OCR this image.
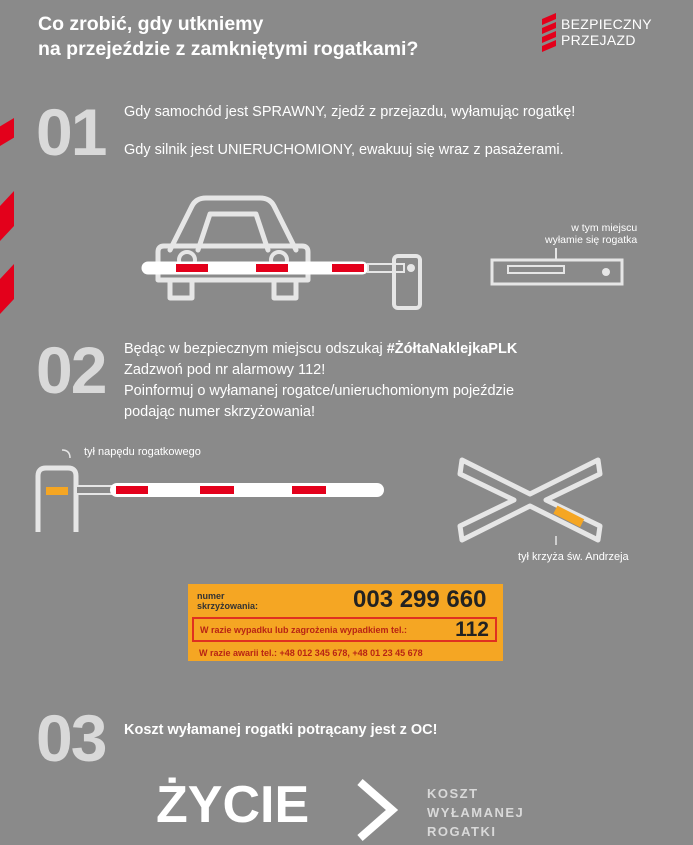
Co zrobić, gdy utkniemy
na przejeździe z zamkniętymi rogatkami?
BEZPIECZNY
PRZEJAZD
01 Gdy samochód jest SPRAWNY, zjedź z przejazdu, wyłamując rogatkę!
Gdy silnik jest UNIERUCHOMIONY, ewakuuj się wraz z pasażerami.
w tym miejscu
wyłamie się rogatka
02 Będąc w bezpiecznym miejscu odszukaj #ŻółtaNaklejkaPLK
Zadzwoń pod nr alarmowy 112!
Poinformuj o wyłamanej rogatce/unieruchomionym pojeździe
podając numer skrzyżowania!
tył napędu rogatkowego
tył krzyża św. Andrzeja
numer
skrzyżowania:	003 299 660
W razie wypadku lub zagrożenia wypadkiem tel.: 112
W razie awarii tel.: +48 012 345 678, +48 01 23 45 678
03 Koszt wyłamanej rogatki potrącany jest z OC!
ŻYCIE	KOSZT
WYŁAMANEJ
ROGATKI
